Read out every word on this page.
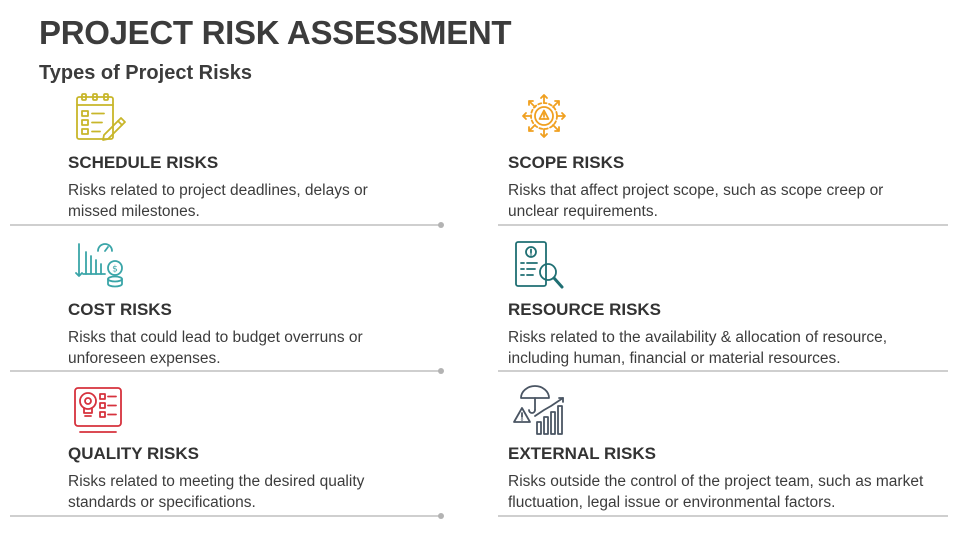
PROJECT RISK ASSESSMENT
Types of Project Risks
SCHEDULE RISKS

Risks related to project deadlines, delays or missed milestones.

SCOPE RISKS

Risks that affect project scope, such as scope creep or unclear requirements.

$
COST RISKS

Risks that could lead to budget overruns or unforeseen expenses.

RESOURCE RISKS

Risks related to the availability & allocation of resource, including human, financial or material resources.

QUALITY RISKS

Risks related to meeting the desired quality standards or specifications.

EXTERNAL RISKS

Risks outside the control of the project team, such as market fluctuation, legal issue or environmental factors.
